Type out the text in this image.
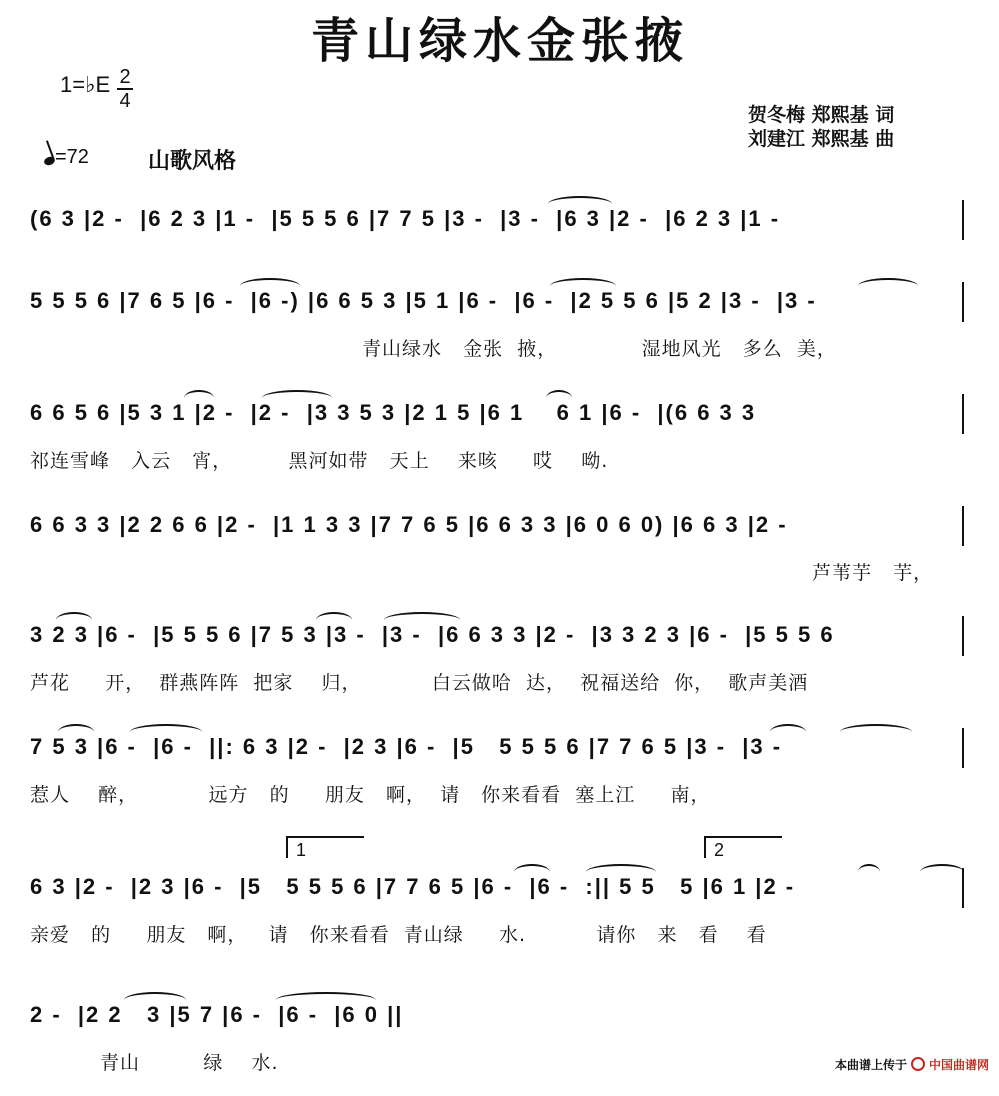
青山绿水金张掖
1=♭E 2
4
=72	山歌风格
贺冬梅 郑熙基 词
刘建江 郑熙基 曲
(6 3 |2 -  |6 2 3 |1 -  |5 5 5 6 |7 7 5 |3 -  |3 -  |6 3 |2 -  |6 2 3 |1 -
5 5 5 6 |7 6 5 |6 -  |6 -) |6 6 5 3 |5 1 |6 -  |6 -  |2 5 5 6 |5 2 |3 -  |3 -
青山绿水   金张  掖，            湿地风光   多么  美，
6 6 5 6 |5 3 1 |2 -  |2 -  |3 3 5 3 |2 1 5 |6 1    6 1 |6 -  |(6 6 3 3
祁连雪峰   入云   宵，        黑河如带   天上    来咳     哎    呦.
6 6 3 3 |2 2 6 6 |2 -  |1 1 3 3 |7 7 6 5 |6 6 3 3 |6 0 6 0) |6 6 3 |2 -
芦苇芋   芋，
3 2 3 |6 -  |5 5 5 6 |7 5 3 |3 -  |3 -  |6 6 3 3 |2 -  |3 3 2 3 |6 -  |5 5 5 6
芦花     开，  群燕阵阵  把家    归，          白云做哈  达，  祝福送给  你，  歌声美酒
7 5 3 |6 -  |6 -  ||: 6 3 |2 -  |2 3 |6 -  |5   5 5 5 6 |7 7 6 5 |3 -  |3 -
惹人    醉，          远方   的     朋友   啊，  请   你来看看  塞上江     南，
1	2
6 3 |2 -  |2 3 |6 -  |5   5 5 5 6 |7 7 6 5 |6 -  |6 -  :|| 5 5   5 |6 1 |2 -
亲爱   的     朋友   啊，   请   你来看看  青山绿     水.          请你   来   看    看
2 -  |2 2   3 |5 7 |6 -  |6 -  |6 0 ||
青山         绿    水.	本曲谱上传于 中国曲谱网
